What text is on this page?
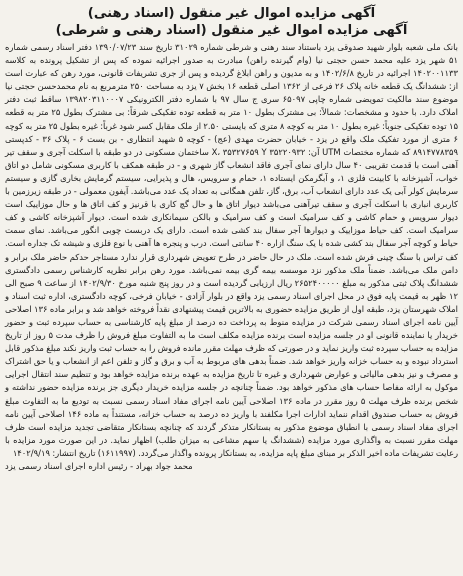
آگهی مزایده اموال غیر منقول (اسناد رهنی)
آگهی مزایده اموال غیر منقول (اسناد رهنی و شرطی)
بانک ملی شعبه بلوار شهید صدوقی یزد باستناد سند رهنی و شرطی شماره ۳۱۰۲۹ تاریخ سند ۱۳۹۰/۰۷/۲۳ دفتر اسناد رسمی شماره ۵۱ شهر یزد علیه محمد حسن حجتی نیا (وام گیرنده راهن) مبادرت به صدور اجرائیه نموده که پس از تشکیل پرونده به کلاسه ۱۴۰۲۰۰۱۱۳۳ اجرائیه در تاریخ ۱۴۰۲/۶/۸ و به مدیون و راهن ابلاغ گردیده و پس از جری تشریفات قانونی، مورد رهن که عبارت است از: ششدانگ یک قطعه خانه پلاک ۲۶ فرعی از ۱۳۶۲ اصلی قطعه ۱۶ بخش ۷ یزد به مساحت ۲۵۰ مترمربع به نام محمدحسن حجتی نیا موضوع سند مالکیت تمویضی شماره چاپی ۶۵۰۹۷ سری ج سال ۹۷ با شماره دفتر الکترونیکی ۱۳۹۸۲۰۳۱۱۰۰۰۷ ساقط ثبت دفتر املاک دارد. با حدود و مشخصات: شمالاً: بی مشترک بطول ۱۰ متر به قطعه توده تفکیکی شرقاً: بی مشترک بطول ۲۵ متر به قطعه ۱۵ توده تفکیکی جنوباً: غیره بطول ۱۰ متر به کوچه ۸ متری که بایستی ۲.۵۰ از ملک مقابل کسر شود غرباً: غیره بطول ۲۵ متر به کوچه ۶ متری از مورد تفکیک ملک واقع در یزد - خیابان حضرت مهدی (عج) - کوچه ۵ شهید انتظاری - بن بست ۶ - پلاک ۳۶ - کدپستی ۸۹۱۴۷۷۸۳۵۹ که شماره مختصات UTM آن: ۳۵۲۲۰۹۳۲ X، ۳۵۳۲۷۶۵۹ Y ساختمان مسکونی در دو طبقه با اسکلت آجری و سقف تیر آهنی است با قدمت تقریبی ۴۰ سال دارای نمای آجری فاقد انشعاب گاز شهری و - در طبقه همکف با کاربری مسکونی شامل دو اتاق خواب، آشپزخانه با کابینت فلزی ۱، و آبگرمکن ایستاده ۱، حمام و سرویس، هال و پذیرایی، سیستم گرمایش بخاری گازی و سیستم سرمایش کولر آبی یک عدد دارای انشعاب آب، برق، گاز، تلفن همگانی به تعداد یک عدد می‌باشد. آیفون معمولی - در طبقه زیرزمین با کاربری انباری با اسکلت آجری و سقف تیرآهنی می‌باشد دیوار اتاق ها و حال گچ کاری با قرنیز و کف اتاق ها و حال موزاییک است دیوار سرویس و حمام کاشی و کف سرامیک است و کف سرامیک و بالکن سیمانکاری شده است. دیوار آشپزخانه کاشی و کف سرامیک است. کف حیاط موزاییک و دیوارها آجر سفال بند کشی شده است. دارای یک دربست چوبی انگور می‌باشد. نمای سمت حیاط و کوچه آجر سفال بند کشی شده با یک سنگ ازاره ۴۰ سانتی است. درب و پنجره ها آهنی با نوع فلزی و شیشه تک جداره است. کف تراس با سنگ چینی فرش شده است. ملک در حال حاضر در طرح تعویض شهرداری قرار ندارد مستاجر حدکم حاضر ملک برابر و دامن ملک می‌باشد. ضمناً ملک مذکور نزد موسسه بیمه گری بیمه نمی‌باشد. مورد رهن برابر نظریه کارشناس رسمی دادگستری ششدانگ پلاک ثبتی مذکور به مبلغ ۲۶۵۲۴۰۰۰۰۰ ریال ارزیابی گردیده است و در روز پنج شنبه مورخ ۱۴۰۲/۹/۳۰ از ساعت ۹ صبح الی ۱۲ ظهر به قیمت پایه فوق در محل اجرای اسناد رسمی یزد واقع در بلوار آزادی - خیابان فرخی، کوچه دادگستری، اداره ثبت اسناد و املاک شهرستان یزد، طبقه اول از طریق مزایده حضوری به بالاترین قیمت پیشنهادی نقداً فروخته خواهد شد و برابر ماده ۱۳۶ اصلاحی آیین نامه اجرای اسناد رسمی شرکت در مزایده منوط به پرداخت ده درصد از مبلغ پایه کارشناسی به حساب سپرده ثبت و حضور خریدار یا نماینده قانونی او در جلسه مزایده است برنده مزایده مکلف است ما به التفاوت مبلغ فروش را ظرف مدت ۵ روز از تاریخ مزایده به حساب سپرده ثبت واریز نماید و در صورتی که ظرف مهلت مقرر مانده فروش را به حساب ثبت واریز نکند مبلغ مذکور قابل استرداد نبوده و به حساب خزانه واریز خواهد شد. ضمناً بدهی های مربوط به آب و برق و گاز و تلفن اعم از انشعاب و یا حق اشتراک و مصرف و نیز بدهی مالیاتی و عوارض شهرداری و غیره تا تاریخ مزایده به عهده برنده مزایده خواهد بود و تنظیم سند انتقال اجرایی موکول به ارائه مفاصا حساب های مذکور خواهد بود. ضمناً چنانچه در جلسه مزایده خریدار دیگری جز برنده مزایده حضور نداشته و شخص برنده ظرف مهلت ۵ روز مقرر در ماده ۱۳۶ اصلاحی آیین نامه اجرای مفاد اسناد رسمی نسبت به تودیع ما به التفاوت مبلغ فروش به حساب صندوق اقدام ننماید ادارات اجرا مکلفند با واریز ده درصد به حساب خزانه، مستنداً به ماده ۱۴۶ اصلاحی آیین نامه اجرای مفاد اسناد رسمی با انطباق موضوع مذکور به بستانکار متذکر گردند که چنانچه بستانکار متقاضی تجدید مزایده است ظرف مهلت مقرر نسبت به واگذاری مورد مزایده (ششدانگ یا سهم مشاعی به میزان طلب) اظهار نماید. در این صورت مورد مزایده با رعایت تشریفات ماده اخیر الذکر بر مبنای مبلغ پایه مزایده، به بستانکار پرونده واگذار می‌گردد. (۱۶۱۱۹۹۷) تاریخ انتشار: ۱۴۰۲/۹/۱۹
محمد جواد بهراد - رئیس اداره اجرای اسناد رسمی یزد
